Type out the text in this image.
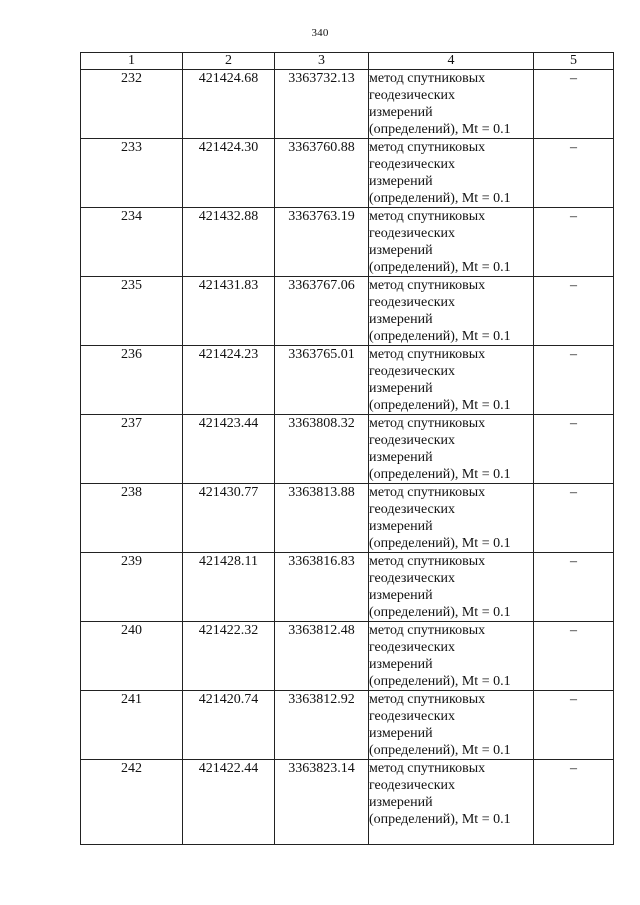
340
1	2	3	4	5
232	421424.68	3363732.13	метод спутниковых
геодезических
измерений
(определений), Mt = 0.1	–
233	421424.30	3363760.88	метод спутниковых
геодезических
измерений
(определений), Mt = 0.1	–
234	421432.88	3363763.19	метод спутниковых
геодезических
измерений
(определений), Mt = 0.1	–
235	421431.83	3363767.06	метод спутниковых
геодезических
измерений
(определений), Mt = 0.1	–
236	421424.23	3363765.01	метод спутниковых
геодезических
измерений
(определений), Mt = 0.1	–
237	421423.44	3363808.32	метод спутниковых
геодезических
измерений
(определений), Mt = 0.1	–
238	421430.77	3363813.88	метод спутниковых
геодезических
измерений
(определений), Mt = 0.1	–
239	421428.11	3363816.83	метод спутниковых
геодезических
измерений
(определений), Mt = 0.1	–
240	421422.32	3363812.48	метод спутниковых
геодезических
измерений
(определений), Mt = 0.1	–
241	421420.74	3363812.92	метод спутниковых
геодезических
измерений
(определений), Mt = 0.1	–
242	421422.44	3363823.14	метод спутниковых
геодезических
измерений
(определений), Mt = 0.1	–
